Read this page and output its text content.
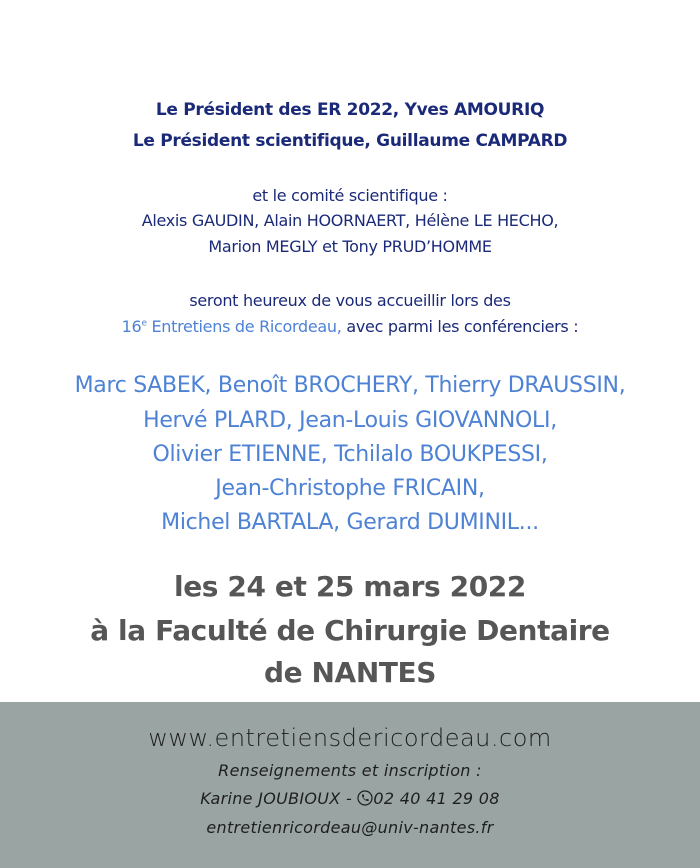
Le Président des ER 2022, Yves AMOURIQ
Le Président scientifique, Guillaume CAMPARD
et le comité scientifique :
Alexis GAUDIN, Alain HOORNAERT, Hélène LE HECHO,
Marion MEGLY et Tony PRUD’HOMME
seront heureux de vous accueillir lors des
16e Entretiens de Ricordeau, avec parmi les conférenciers :
Marc SABEK, Benoît BROCHERY, Thierry DRAUSSIN,
Hervé PLARD, Jean-Louis GIOVANNOLI,
Olivier ETIENNE, Tchilalo BOUKPESSI,
Jean-Christophe FRICAIN,
Michel BARTALA, Gerard DUMINIL...
les 24 et 25 mars 2022
à la Faculté de Chirurgie Dentaire
de NANTES
www.entretiensdericordeau.com
Renseignements et inscription :
Karine JOUBIOUX - 02 40 41 29 08
entretienricordeau@univ-nantes.fr
